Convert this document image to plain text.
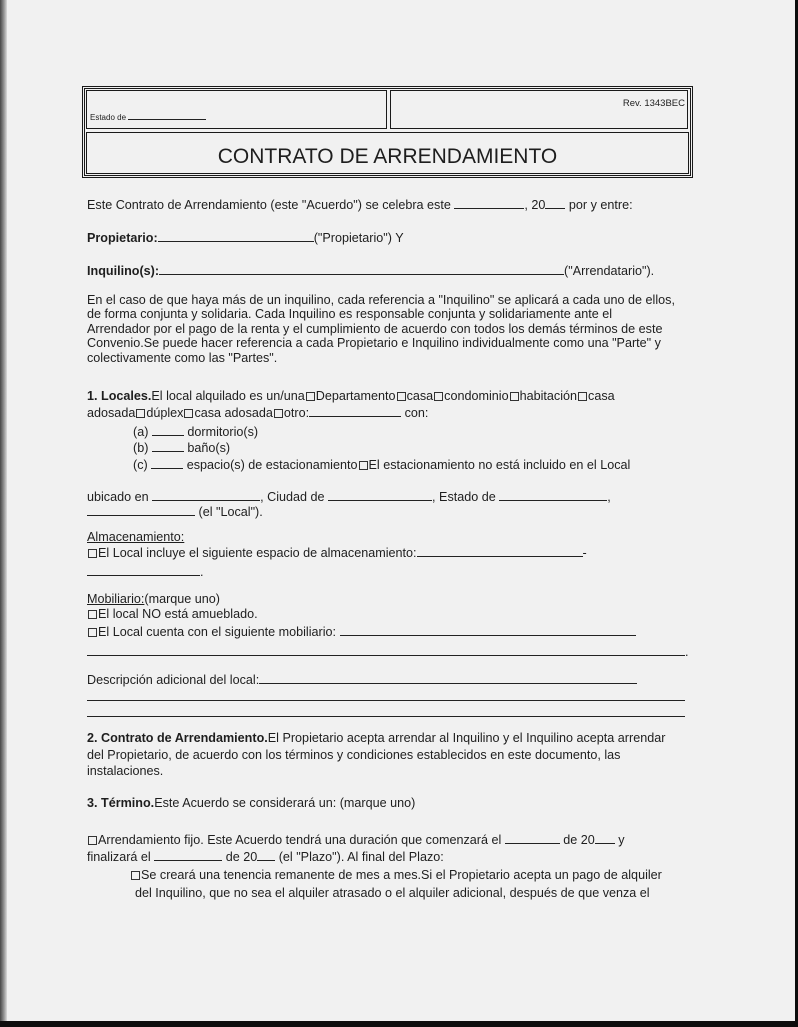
Estado de
Rev. 1343BEC
CONTRATO DE ARRENDAMIENTO
Este Contrato de Arrendamiento (este "Acuerdo") se celebra este	, 20 por y entre:
Propietario:	("Propietario") Y
Inquilino(s):	("Arrendatario").
En el caso de que haya más de un inquilino, cada referencia a "Inquilino" se aplicará a cada uno de ellos,
de forma conjunta y solidaria. Cada Inquilino es responsable conjunta y solidariamente ante el
Arrendador por el pago de la renta y el cumplimiento de acuerdo con todos los demás términos de este
Convenio.Se puede hacer referencia a cada Propietario e Inquilino individualmente como una "Parte" y
colectivamente como las "Partes".
1. Locales.El local alquilado es un/una Departamento casa condominio habitación casa
adosada dúplex casa adosada otro:	con:
(a)	dormitorio(s)
(b)	baño(s)
(c)	espacio(s) de estacionamiento El estacionamiento no está incluido en el Local
ubicado en	, Ciudad de	, Estado de	,
(el "Local").
Almacenamiento:
El Local incluye el siguiente espacio de almacenamiento:	-
.
Mobiliario:(marque uno)
El local NO está amueblado.
El Local cuenta con el siguiente mobiliario:
.
Descripción adicional del local:
2. Contrato de Arrendamiento.El Propietario acepta arrendar al Inquilino y el Inquilino acepta arrendar
del Propietario, de acuerdo con los términos y condiciones establecidos en este documento, las
instalaciones.
3. Término.Este Acuerdo se considerará un: (marque uno)
Arrendamiento fijo. Este Acuerdo tendrá una duración que comenzará el	de 20 y
finalizará el	de 20 (el "Plazo"). Al final del Plazo:
Se creará una tenencia remanente de mes a mes.Si el Propietario acepta un pago de alquiler
del Inquilino, que no sea el alquiler atrasado o el alquiler adicional, después de que venza el
